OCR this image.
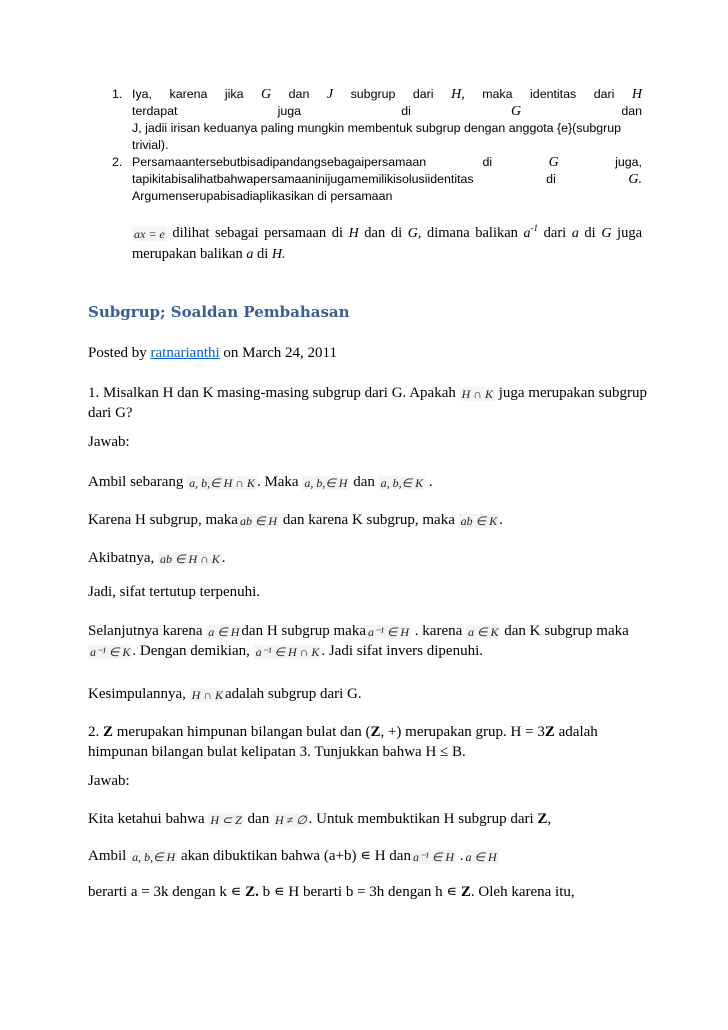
1. Iya, karena jika G dan J subgrup dari H, maka identitas dari H
terdapat	juga	di	G	dan
J, jadii irisan keduanya paling mungkin membentuk subgrup dengan anggota {e}(subgrup
trivial).
2. Persamaantersebutbisadipandangsebagaipersamaan	di	G	juga,
tapikitabisalihatbahwapersamaaninijugamemilikisolusiidentitas	di	G.
Argumenserupabisadiaplikasikan di persamaan
ax = e dilihat sebagai persamaan di H dan di G, dimana balikan $a^{-1}$ dari a di G juga merupakan balikan a di H.
Subgrup; Soaldan Pembahasan
Posted by ratnarianthi on March 24, 2011
1. Misalkan H dan K masing-masing subgrup dari G. Apakah H ∩ K juga merupakan subgrup
dari G?
Jawab:
Ambil sebarang a, b,∈ H ∩ K . Maka a, b,∈ H dan a, b,∈ K .
Karena H subgrup, maka ab ∈ H dan karena K subgrup, maka ab ∈ K .
Akibatnya, ab ∈ H ∩ K .
Jadi, sifat tertutup terpenuhi.
Selanjutnya karena a ∈ H dan H subgrup maka a⁻¹ ∈ H . karena a ∈ K dan K subgrup maka
a⁻¹ ∈ K . Dengan demikian, a⁻¹ ∈ H ∩ K . Jadi sifat invers dipenuhi.
Kesimpulannya, H ∩ K adalah subgrup dari G.
2. Z merupakan himpunan bilangan bulat dan (Z, +) merupakan grup. H = 3Z adalah
himpunan bilangan bulat kelipatan 3. Tunjukkan bahwa H ≤ B.
Jawab:
Kita ketahui bahwa H ⊂ Z dan H ≠ ∅ . Untuk membuktikan H subgrup dari Z,
Ambil a, b,∈ H akan dibuktikan bahwa (a+b) ∊ H dan a⁻¹ ∈ H . a ∈ H
berarti a = 3k dengan k ∊ Z. b ∊ H berarti b = 3h dengan h ∊ Z. Oleh karena itu,
